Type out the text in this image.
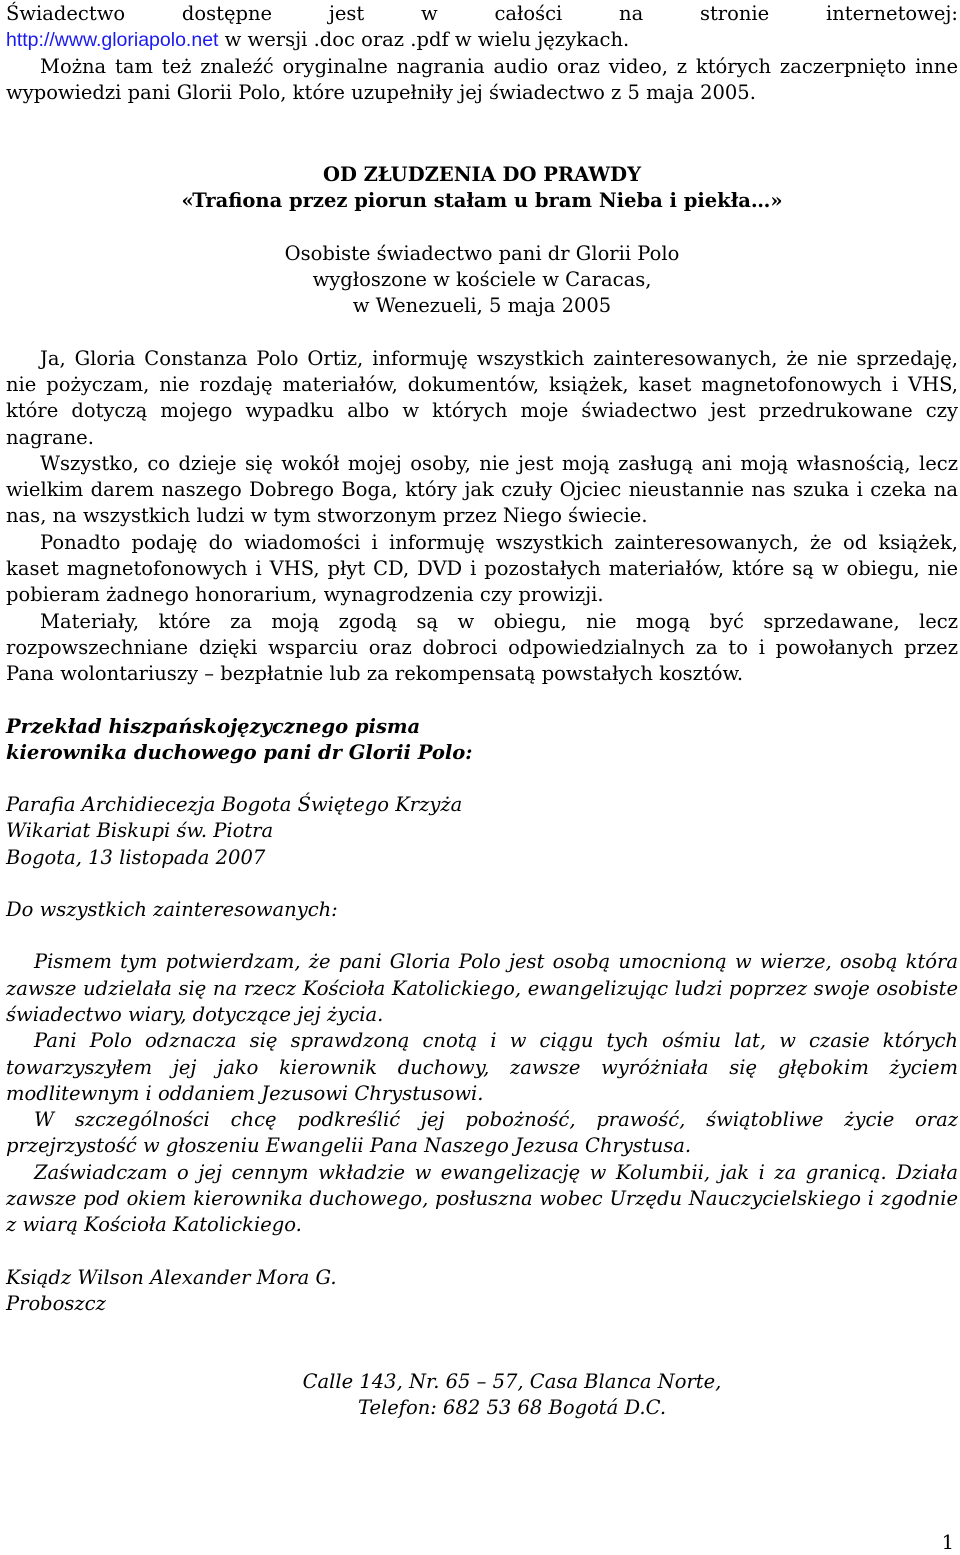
Świadectwo dostępne jest w całości na stronie internetowej:

http://www.gloriapolo.net w wersji .doc oraz .pdf w wielu językach.

Można tam też znaleźć oryginalne nagrania audio oraz video, z których zaczerpnięto inne wypowiedzi pani Glorii Polo, które uzupełniły jej świadectwo z 5 maja 2005.

OD ZŁUDZENIA DO PRAWDY

«Trafiona przez piorun stałam u bram Nieba i piekła…»

Osobiste świadectwo pani dr Glorii Polo

wygłoszone w kościele w Caracas,

w Wenezueli, 5 maja 2005

Ja, Gloria Constanza Polo Ortiz, informuję wszystkich zainteresowanych, że nie sprzedaję, nie pożyczam, nie rozdaję materiałów, dokumentów, książek, kaset magnetofonowych i VHS, które dotyczą mojego wypadku albo w których moje świadectwo jest przedrukowane czy nagrane.

Wszystko, co dzieje się wokół mojej osoby, nie jest moją zasługą ani moją własnością, lecz wielkim darem naszego Dobrego Boga, który jak czuły Ojciec nieustannie nas szuka i czeka na nas, na wszystkich ludzi w tym stworzonym przez Niego świecie.

Ponadto podaję do wiadomości i informuję wszystkich zainteresowanych, że od książek, kaset magnetofonowych i VHS, płyt CD, DVD i pozostałych materiałów, które są w obiegu, nie pobieram żadnego honorarium, wynagrodzenia czy prowizji.

Materiały, które za moją zgodą są w obiegu, nie mogą być sprzedawane, lecz rozpowszechniane dzięki wsparciu oraz dobroci odpowiedzialnych za to i powołanych przez Pana wolontariuszy – bezpłatnie lub za rekompensatą powstałych kosztów.

Przekład hiszpańskojęzycznego pisma

kierownika duchowego pani dr Glorii Polo:

Parafia Archidiecezja Bogota Świętego Krzyża

Wikariat Biskupi św. Piotra

Bogota, 13 listopada 2007

Do wszystkich zainteresowanych:

Pismem tym potwierdzam, że pani Gloria Polo jest osobą umocnioną w wierze, osobą która zawsze udzielała się na rzecz Kościoła Katolickiego, ewangelizując ludzi poprzez swoje osobiste świadectwo wiary, dotyczące jej życia.

Pani Polo odznacza się sprawdzoną cnotą i w ciągu tych ośmiu lat, w czasie których towarzyszyłem jej jako kierownik duchowy, zawsze wyróżniała się głębokim życiem modlitewnym i oddaniem Jezusowi Chrystusowi.

W szczególności chcę podkreślić jej pobożność, prawość, świątobliwe życie oraz przejrzystość w głoszeniu Ewangelii Pana Naszego Jezusa Chrystusa.

Zaświadczam o jej cennym wkładzie w ewangelizację w Kolumbii, jak i za granicą. Działa zawsze pod okiem kierownika duchowego, posłuszna wobec Urzędu Nauczycielskiego i zgodnie z wiarą Kościoła Katolickiego.

Ksiądz Wilson Alexander Mora G.

Proboszcz

Calle 143, Nr. 65 – 57, Casa Blanca Norte,

Telefon: 682 53 68 Bogotá D.C.

1
